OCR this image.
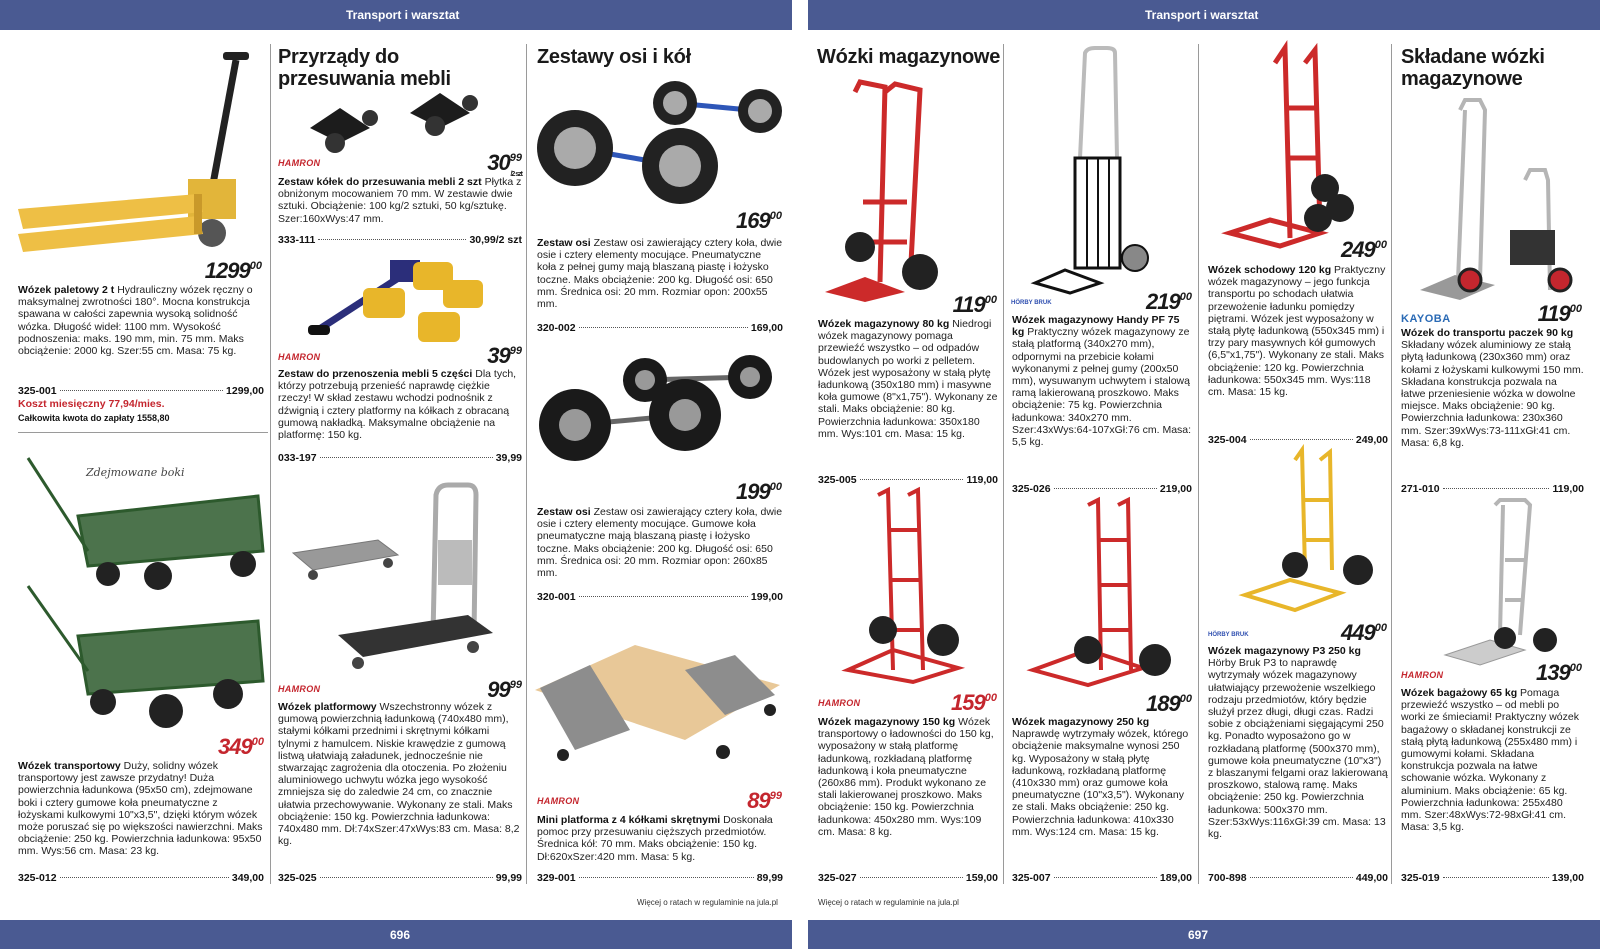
Transport i warsztat	Transport i warsztat
696	697
Przyrządy do przesuwania mebli
Zestawy osi i kół	Wózki magazynowe	Składane wózki magazynowe
1299$^{00}$
Wózek paletowy 2 t Hydrauliczny wózek ręczny o maksymalnej zwrotności 180°. Mocna konstrukcja spawana w całości zapewnia wysoką solidność wózka. Długość wideł: 1100 mm. Wysokość podnoszenia: maks. 190 mm, min. 75 mm. Maks obciążenie: 2000 kg. Szer:55 cm. Masa: 75 kg.
325-001	1299,00
Koszt miesięczny 77,94/mies.
Całkowita kwota do zapłaty 1558,80
Zdejmowane boki
$349^{00}$
Wózek transportowy Duży, solidny wózek transportowy jest zawsze przydatny! Duża powierzchnia ładunkowa (95x50 cm), zdejmowane boki i cztery gumowe koła pneumatyczne z łożyskami kulkowymi 10"x3,5", dzięki którym wózek może poruszać się po większości nawierzchni. Maks obciążenie: 250 kg. Powierzchnia ładunkowa: 95x50 mm. Wys:56 cm. Masa: 23 kg.
325-012	349,00
HAMRON	$30^{99}$
/2 szt
Zestaw kółek do przesuwania mebli 2 szt Płytka z obniżonym mocowaniem 70 mm. W zestawie dwie sztuki. Obciążenie: 100 kg/2 sztuki, 50 kg/sztukę. Szer:160xWys:47 mm.
333-111	30,99/2 szt
HAMRON	$39^{99}$
Zestaw do przenoszenia mebli 5 części Dla tych, którzy potrzebują przenieść naprawdę ciężkie rzeczy! W skład zestawu wchodzi podnośnik z dźwignią i cztery platformy na kółkach z obracaną gumową nakładką. Maksymalne obciążenie na platformę: 150 kg.
033-197	39,99
HAMRON	$99^{99}$
Wózek platformowy Wszechstronny wózek z gumową powierzchnią ładunkową (740x480 mm), stałymi kółkami przednimi i skrętnymi kółkami tylnymi z hamulcem. Niskie krawędzie z gumową listwą ułatwiają załadunek, jednocześnie nie stwarzając zagrożenia dla otoczenia. Po złożeniu aluminiowego uchwytu wózka jego wysokość zmniejsza się do zaledwie 24 cm, co znacznie ułatwia przechowywanie. Wykonany ze stali. Maks obciążenie: 150 kg. Powierzchnia ładunkowa: 740x480 mm. Dł:74xSzer:47xWys:83 cm. Masa: 8,2 kg.
325-025	99,99
$169^{00}$
Zestaw osi Zestaw osi zawierający cztery koła, dwie osie i cztery elementy mocujące. Pneumatyczne koła z pełnej gumy mają blaszaną piastę i łożysko toczne. Maks obciążenie: 200 kg. Długość osi: 650 mm. Średnica osi: 20 mm. Rozmiar opon: 200x55 mm.
320-002	169,00
$199^{00}$
Zestaw osi Zestaw osi zawierający cztery koła, dwie osie i cztery elementy mocujące. Gumowe koła pneumatyczne mają blaszaną piastę i łożysko toczne. Maks obciążenie: 200 kg. Długość osi: 650 mm. Średnica osi: 20 mm. Rozmiar opon: 260x85 mm.
320-001	199,00
HAMRON	$89^{99}$
Mini platforma z 4 kółkami skrętnymi Doskonała pomoc przy przesuwaniu cięższych przedmiotów. Średnica kół: 70 mm. Maks obciążenie: 150 kg. Dł:620xSzer:420 mm. Masa: 5 kg.
329-001	89,99
Więcej o ratach w regulaminie na jula.pl
$119^{00}$
Wózek magazynowy 80 kg Niedrogi wózek magazynowy pomaga przewieźć wszystko – od odpadów budowlanych po worki z pelletem. Wózek jest wyposażony w stałą płytę ładunkową (350x180 mm) i masywne koła gumowe (8"x1,75"). Wykonany ze stali. Maks obciążenie: 80 kg. Powierzchnia ładunkowa: 350x180 mm. Wys:101 cm. Masa: 15 kg.
325-005	119,00
HAMRON	$159^{00}$
Wózek magazynowy 150 kg Wózek transportowy o ładowności do 150 kg, wyposażony w stałą platformę ładunkową, rozkładaną platformę ładunkową i koła pneumatyczne (260x86 mm). Produkt wykonano ze stali lakierowanej proszkowo. Maks obciążenie: 150 kg. Powierzchnia ładunkowa: 450x280 mm. Wys:109 cm. Masa: 8 kg.
325-027	159,00
Więcej o ratach w regulaminie na jula.pl
HÖRBY BRUK	$219^{00}$
Wózek magazynowy Handy PF 75 kg Praktyczny wózek magazynowy ze stałą platformą (340x270 mm), odpornymi na przebicie kołami wykonanymi z pełnej gumy (200x50 mm), wysuwanym uchwytem i stalową ramą lakierowaną proszkowo. Maks obciążenie: 75 kg. Powierzchnia ładunkowa: 340x270 mm. Szer:43xWys:64-107xGł:76 cm. Masa: 5,5 kg.
325-026	219,00
$189^{00}$
Wózek magazynowy 250 kg Naprawdę wytrzymały wózek, którego obciążenie maksymalne wynosi 250 kg. Wyposażony w stałą płytę ładunkową, rozkładaną platformę (410x330 mm) oraz gumowe koła pneumatyczne (10"x3,5"). Wykonany ze stali. Maks obciążenie: 250 kg. Powierzchnia ładunkowa: 410x330 mm. Wys:124 cm. Masa: 15 kg.
325-007	189,00
$249^{00}$
Wózek schodowy 120 kg Praktyczny wózek magazynowy – jego funkcja transportu po schodach ułatwia przewożenie ładunku pomiędzy piętrami. Wózek jest wyposażony w stałą płytę ładunkową (550x345 mm) i trzy pary masywnych kół gumowych (6,5"x1,75"). Wykonany ze stali. Maks obciążenie: 120 kg. Powierzchnia ładunkowa: 550x345 mm. Wys:118 cm. Masa: 15 kg.
325-004	249,00
HÖRBY BRUK	$449^{00}$
Wózek magazynowy P3 250 kg Hörby Bruk P3 to naprawdę wytrzymały wózek magazynowy ułatwiający przewożenie wszelkiego rodzaju przedmiotów, który będzie służył przez długi, długi czas. Radzi sobie z obciążeniami sięgającymi 250 kg. Ponadto wyposażono go w rozkładaną platformę (500x370 mm), gumowe koła pneumatyczne (10"x3") z blaszanymi felgami oraz lakierowaną proszkowo, stalową ramę. Maks obciążenie: 250 kg. Powierzchnia ładunkowa: 500x370 mm. Szer:53xWys:116xGł:39 cm. Masa: 13 kg.
700-898	449,00
KAYOBA	$119^{00}$
Wózek do transportu paczek 90 kg Składany wózek aluminiowy ze stałą płytą ładunkową (230x360 mm) oraz kołami z łożyskami kulkowymi 150 mm. Składana konstrukcja pozwala na łatwe przeniesienie wózka w dowolne miejsce. Maks obciążenie: 90 kg. Powierzchnia ładunkowa: 230x360 mm. Szer:39xWys:73-111xGł:41 cm. Masa: 6,8 kg.
271-010	119,00
HAMRON	$139^{00}$
Wózek bagażowy 65 kg Pomaga przewieźć wszystko – od mebli po worki ze śmieciami! Praktyczny wózek bagażowy o składanej konstrukcji ze stałą płytą ładunkową (255x480 mm) i gumowymi kołami. Składana konstrukcja pozwala na łatwe schowanie wózka. Wykonany z aluminium. Maks obciążenie: 65 kg. Powierzchnia ładunkowa: 255x480 mm. Szer:48xWys:72-98xGł:41 cm. Masa: 3,5 kg.
325-019	139,00
